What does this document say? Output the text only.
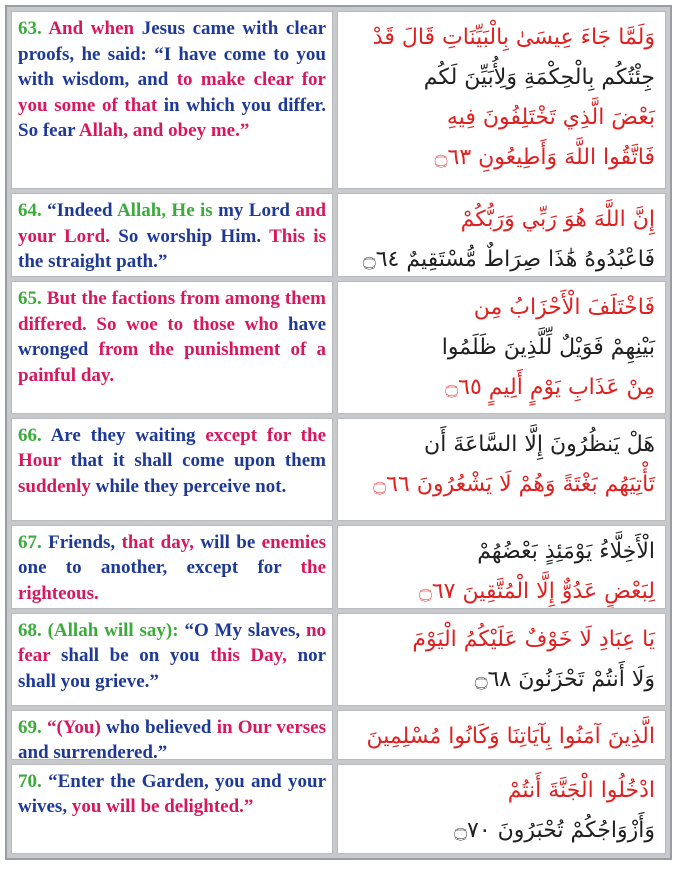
63. And when Jesus came with clear proofs, he said: “I have come to you with wisdom, and to make clear for you some of that in which you differ. So fear Allah, and obey me.”
وَلَمَّا جَاءَ عِيسَىٰ بِالْبَيِّنَاتِ قَالَ قَدْ
جِئْتُكُم بِالْحِكْمَةِ وَلِأُبَيِّنَ لَكُم
بَعْضَ الَّذِي تَخْتَلِفُونَ فِيهِ
فَاتَّقُوا اللَّهَ وَأَطِيعُونِ ۝٦٣
64. “Indeed Allah, He is my Lord and your Lord. So worship Him. This is the straight path.”
إِنَّ اللَّهَ هُوَ رَبِّي وَرَبُّكُمْ
فَاعْبُدُوهُ هَٰذَا صِرَاطٌ مُّسْتَقِيمٌ ۝٦٤
65. But the factions from among them differed. So woe to those who have wronged from the punishment of a painful day.
فَاخْتَلَفَ الْأَحْزَابُ مِن
بَيْنِهِمْ فَوَيْلٌ لِّلَّذِينَ ظَلَمُوا
مِنْ عَذَابِ يَوْمٍ أَلِيمٍ ۝٦٥
66. Are they waiting except for the Hour that it shall come upon them suddenly while they perceive not.
هَلْ يَنظُرُونَ إِلَّا السَّاعَةَ أَن
تَأْتِيَهُم بَغْتَةً وَهُمْ لَا يَشْعُرُونَ ۝٦٦
67. Friends, that day, will be enemies one to another, except for the righteous.
الْأَخِلَّاءُ يَوْمَئِذٍ بَعْضُهُمْ
لِبَعْضٍ عَدُوٌّ إِلَّا الْمُتَّقِينَ ۝٦٧
68. (Allah will say): “O My slaves, no fear shall be on you this Day, nor shall you grieve.”
يَا عِبَادِ لَا خَوْفٌ عَلَيْكُمُ الْيَوْمَ
وَلَا أَنتُمْ تَحْزَنُونَ ۝٦٨
69. “(You) who believed in Our verses and surrendered.”
الَّذِينَ آمَنُوا بِآيَاتِنَا وَكَانُوا مُسْلِمِينَ
70. “Enter the Garden, you and your wives, you will be delighted.”
ادْخُلُوا الْجَنَّةَ أَنتُمْ
وَأَزْوَاجُكُمْ تُحْبَرُونَ ۝٧٠
